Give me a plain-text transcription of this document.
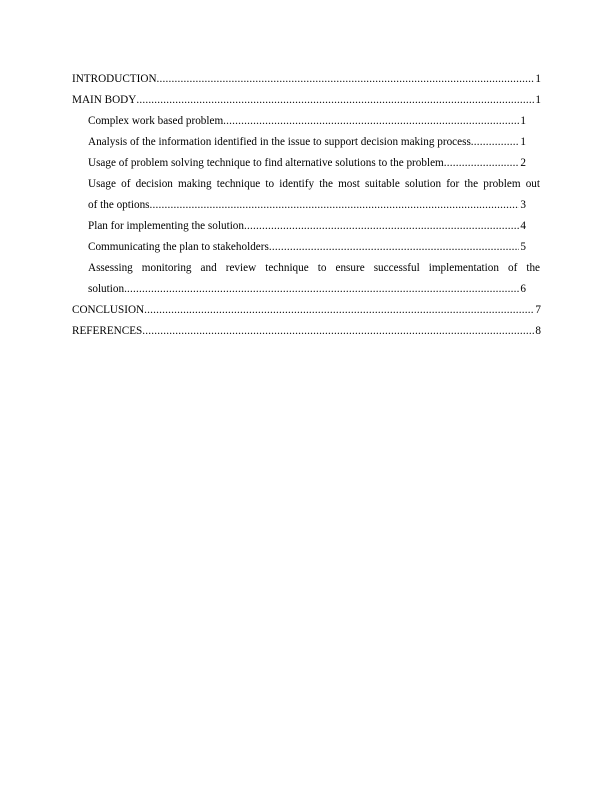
INTRODUCTION .....	1
MAIN BODY .....	1
Complex work based problem .....	1
Analysis of the information identified in the issue to support decision making process .....	1
Usage of problem solving technique to find alternative solutions to the problem .....	2
Usage of decision making technique to identify the most suitable solution for the problem out
of the options .....	3
Plan for implementing the solution .....	4
Communicating the plan to stakeholders .....	5
Assessing monitoring and review technique to ensure successful implementation of the
solution .....	6
CONCLUSION .....	7
REFERENCES .....	8
